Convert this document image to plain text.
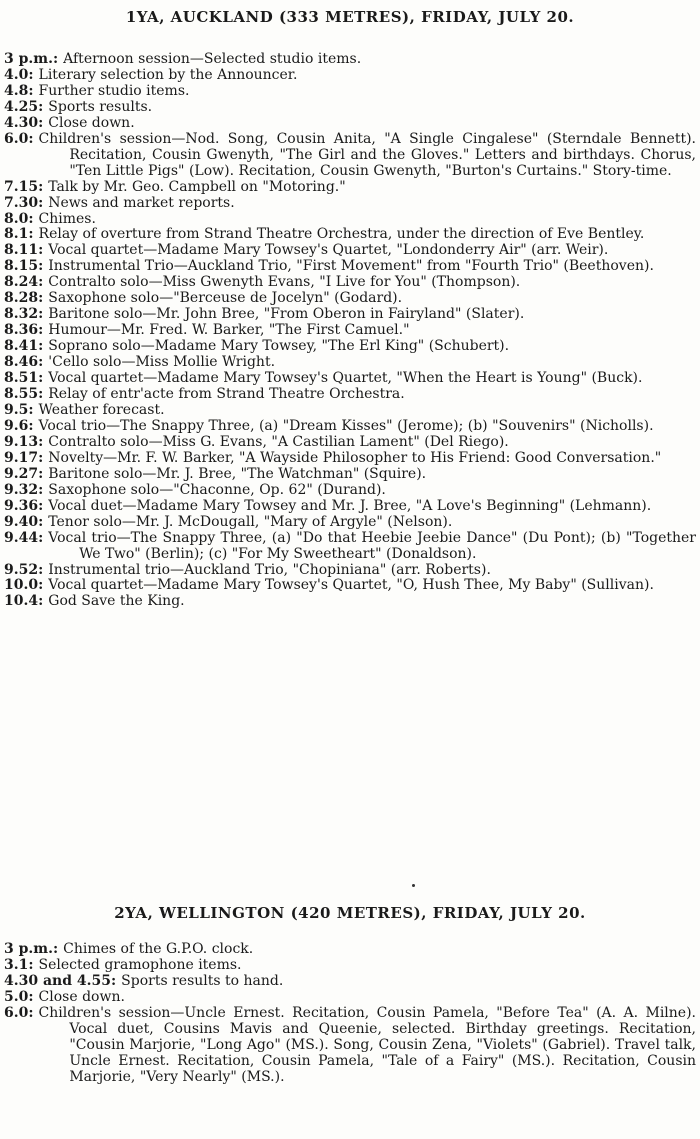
1YA, AUCKLAND (333 METRES), FRIDAY, JULY 20.
3 p.m.: Afternoon session—Selected studio items.
4.0: Literary selection by the Announcer.
4.8: Further studio items.
4.25: Sports results.
4.30: Close down.
6.0: Children's session—Nod. Song, Cousin Anita, "A Single Cingalese" (Sterndale Bennett). Recitation, Cousin Gwenyth, "The Girl and the Gloves." Letters and birthdays. Chorus, "Ten Little Pigs" (Low). Recitation, Cousin Gwenyth, "Burton's Curtains." Story-time.
7.15: Talk by Mr. Geo. Campbell on "Motoring."
7.30: News and market reports.
8.0: Chimes.
8.1: Relay of overture from Strand Theatre Orchestra, under the direction of Eve Bentley.
8.11: Vocal quartet—Madame Mary Towsey's Quartet, "Londonderry Air" (arr. Weir).
8.15: Instrumental Trio—Auckland Trio, "First Movement" from "Fourth Trio" (Beethoven).
8.24: Contralto solo—Miss Gwenyth Evans, "I Live for You" (Thompson).
8.28: Saxophone solo—"Berceuse de Jocelyn" (Godard).
8.32: Baritone solo—Mr. John Bree, "From Oberon in Fairyland" (Slater).
8.36: Humour—Mr. Fred. W. Barker, "The First Camuel."
8.41: Soprano solo—Madame Mary Towsey, "The Erl King" (Schubert).
8.46: 'Cello solo—Miss Mollie Wright.
8.51: Vocal quartet—Madame Mary Towsey's Quartet, "When the Heart is Young" (Buck).
8.55: Relay of entr'acte from Strand Theatre Orchestra.
9.5: Weather forecast.
9.6: Vocal trio—The Snappy Three, (a) "Dream Kisses" (Jerome); (b) "Souvenirs" (Nicholls).
9.13: Contralto solo—Miss G. Evans, "A Castilian Lament" (Del Riego).
9.17: Novelty—Mr. F. W. Barker, "A Wayside Philosopher to His Friend: Good Conversation."
9.27: Baritone solo—Mr. J. Bree, "The Watchman" (Squire).
9.32: Saxophone solo—"Chaconne, Op. 62" (Durand).
9.36: Vocal duet—Madame Mary Towsey and Mr. J. Bree, "A Love's Beginning" (Lehmann).
9.40: Tenor solo—Mr. J. McDougall, "Mary of Argyle" (Nelson).
9.44: Vocal trio—The Snappy Three, (a) "Do that Heebie Jeebie Dance" (Du Pont); (b) "Together We Two" (Berlin); (c) "For My Sweetheart" (Donaldson).
9.52: Instrumental trio—Auckland Trio, "Chopiniana" (arr. Roberts).
10.0: Vocal quartet—Madame Mary Towsey's Quartet, "O, Hush Thee, My Baby" (Sullivan).
10.4: God Save the King.
2YA, WELLINGTON (420 METRES), FRIDAY, JULY 20.
3 p.m.: Chimes of the G.P.O. clock.
3.1: Selected gramophone items.
4.30 and 4.55: Sports results to hand.
5.0: Close down.
6.0: Children's session—Uncle Ernest. Recitation, Cousin Pamela, "Before Tea" (A. A. Milne). Vocal duet, Cousins Mavis and Queenie, selected. Birthday greetings. Recitation, "Cousin Marjorie, "Long Ago" (MS.). Song, Cousin Zena, "Violets" (Gabriel). Travel talk, Uncle Ernest. Recitation, Cousin Pamela, "Tale of a Fairy" (MS.). Recitation, Cousin Marjorie, "Very Nearly" (MS.).
